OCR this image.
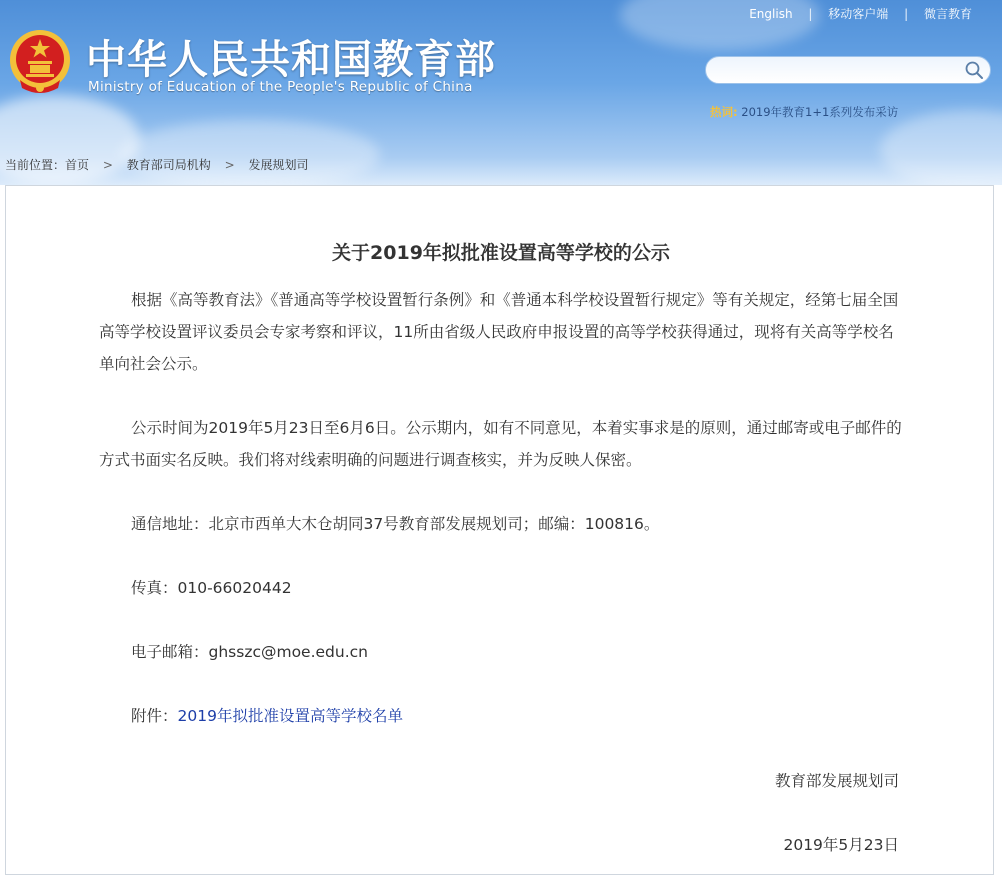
中华人民共和国教育部
Ministry of Education of the People's Republic of China
English | 移动客户端 | 微言教育
热词: 2019年教育1+1系列发布采访
当前位置：首页 > 教育部司局机构 > 发展规划司
关于2019年拟批准设置高等学校的公示

根据《高等教育法》《普通高等学校设置暂行条例》和《普通本科学校设置暂行规定》等有关规定，经第七届全国高等学校设置评议委员会专家考察和评议，11所由省级人民政府申报设置的高等学校获得通过，现将有关高等学校名单向社会公示。

公示时间为2019年5月23日至6月6日。公示期内，如有不同意见，本着实事求是的原则，通过邮寄或电子邮件的方式书面实名反映。我们将对线索明确的问题进行调查核实，并为反映人保密。

通信地址：北京市西单大木仓胡同37号教育部发展规划司；邮编：100816。

传真：010-66020442

电子邮箱：ghsszc@moe.edu.cn

附件：2019年拟批准设置高等学校名单

教育部发展规划司
2019年5月23日
